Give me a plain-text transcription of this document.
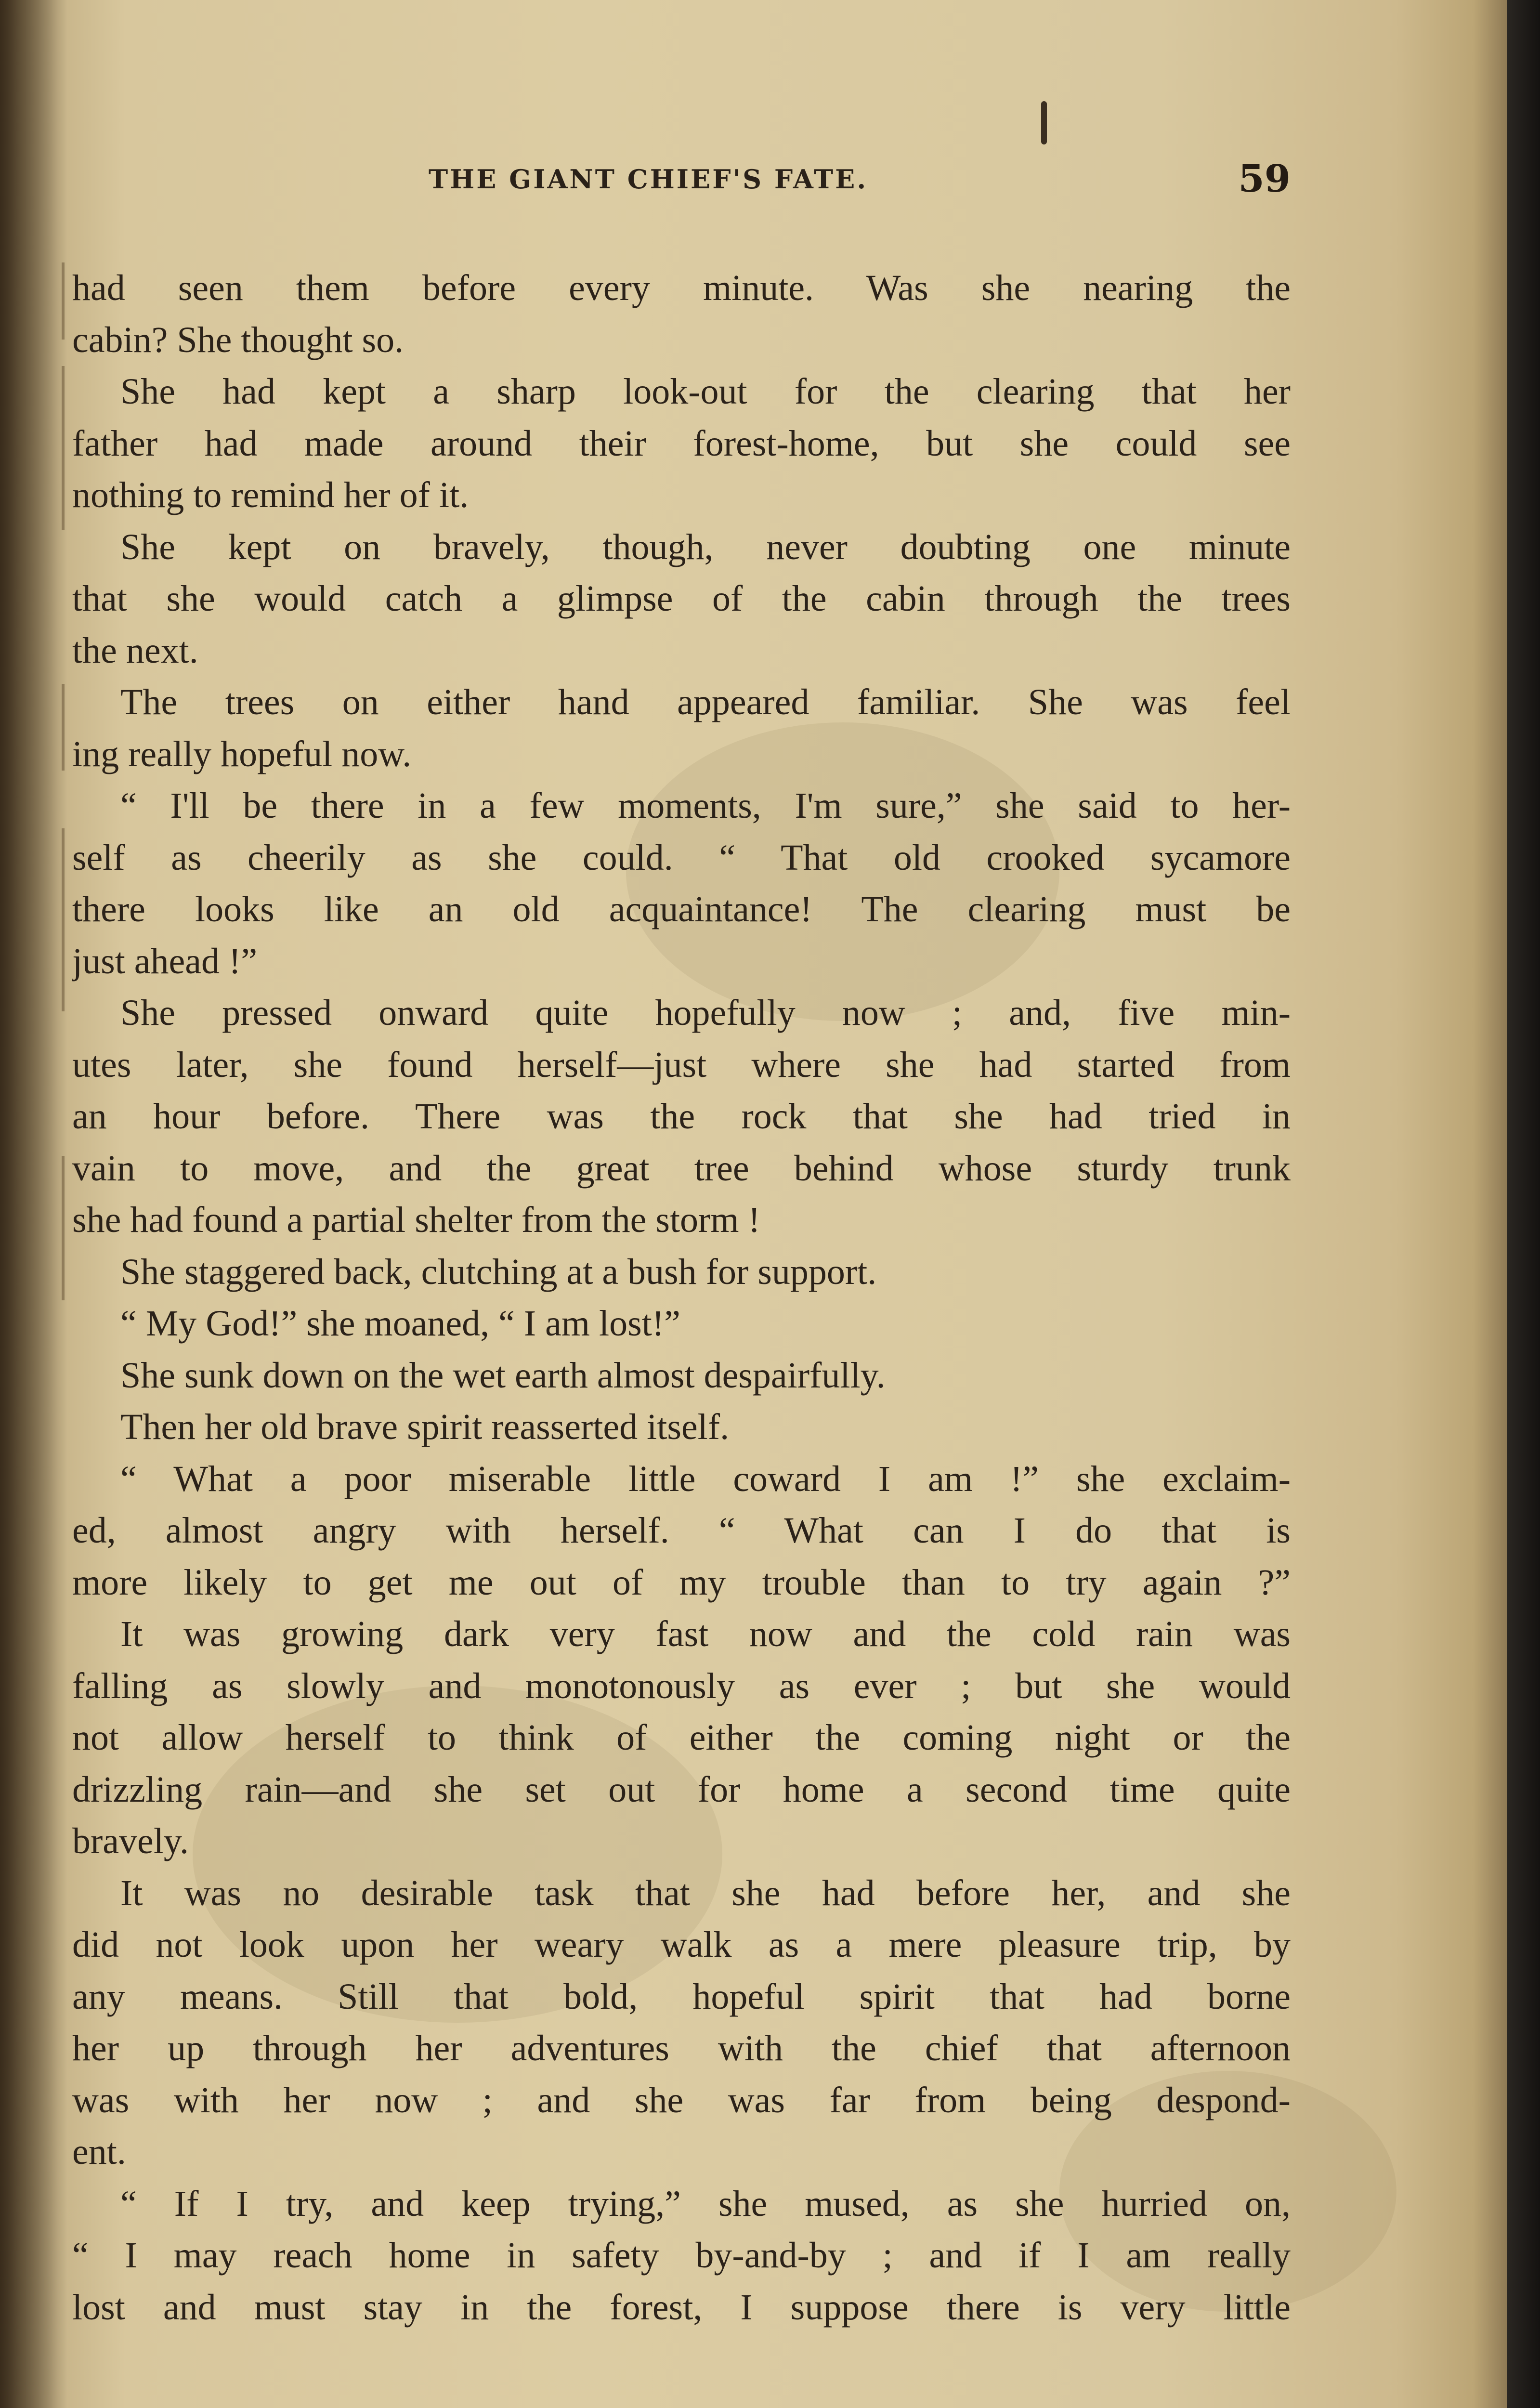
THE GIANT CHIEF'S FATE.	59
had seen them before every minute. Was she nearing the
cabin? She thought so.
She had kept a sharp look-out for the clearing that her
father had made around their forest-home, but she could see
nothing to remind her of it.
She kept on bravely, though, never doubting one minute
that she would catch a glimpse of the cabin through the trees
the next.
The trees on either hand appeared familiar. She was feel
ing really hopeful now.
“ I'll be there in a few moments, I'm sure,” she said to her-
self as cheerily as she could. “ That old crooked sycamore
there looks like an old acquaintance! The clearing must be
just ahead !”
She pressed onward quite hopefully now ; and, five min-
utes later, she found herself—just where she had started from
an hour before. There was the rock that she had tried in
vain to move, and the great tree behind whose sturdy trunk
she had found a partial shelter from the storm !
She staggered back, clutching at a bush for support.
“ My God!” she moaned, “ I am lost!”
She sunk down on the wet earth almost despairfully.
Then her old brave spirit reasserted itself.
“ What a poor miserable little coward I am !” she exclaim-
ed, almost angry with herself. “ What can I do that is
more likely to get me out of my trouble than to try again ?”
It was growing dark very fast now and the cold rain was
falling as slowly and monotonously as ever ; but she would
not allow herself to think of either the coming night or the
drizzling rain—and she set out for home a second time quite
bravely.
It was no desirable task that she had before her, and she
did not look upon her weary walk as a mere pleasure trip, by
any means. Still that bold, hopeful spirit that had borne
her up through her adventures with the chief that afternoon
was with her now ; and she was far from being despond-
ent.
“ If I try, and keep trying,” she mused, as she hurried on,
“ I may reach home in safety by-and-by ; and if I am really
lost and must stay in the forest, I suppose there is very little
